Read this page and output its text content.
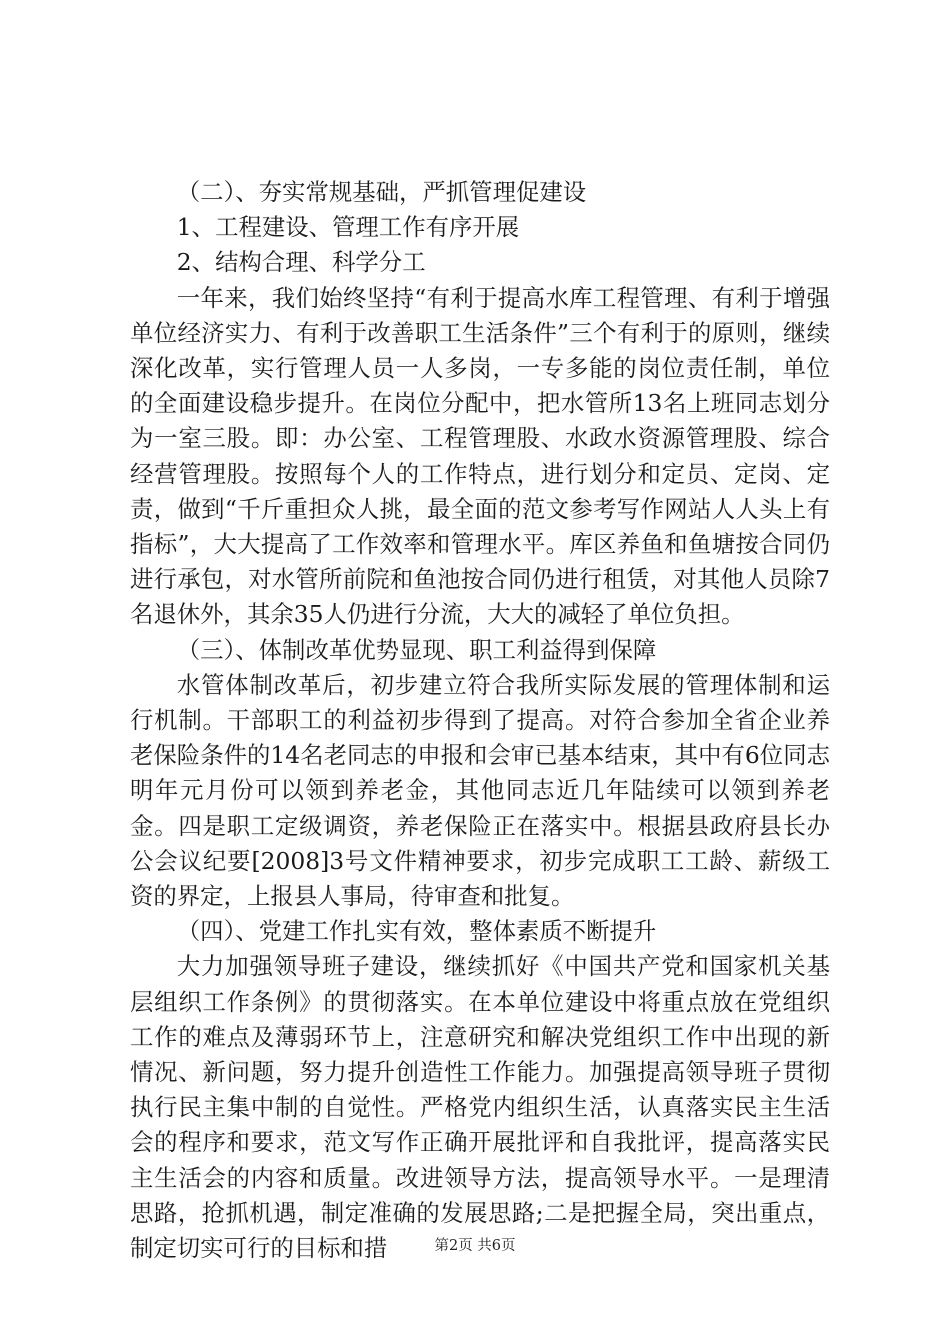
（二）、夯实常规基础，严抓管理促建设

1、工程建设、管理工作有序开展

2、结构合理、科学分工

一年来，我们始终坚持“有利于提高水库工程管理、有利于增强单位经济实力、有利于改善职工生活条件”三个有利于的原则，继续深化改革，实行管理人员一人多岗，一专多能的岗位责任制，单位的全面建设稳步提升。在岗位分配中，把水管所13名上班同志划分为一室三股。即：办公室、工程管理股、水政水资源管理股、综合经营管理股。按照每个人的工作特点，进行划分和定员、定岗、定责，做到“千斤重担众人挑，最全面的范文参考写作网站人人头上有指标”，大大提高了工作效率和管理水平。库区养鱼和鱼塘按合同仍进行承包，对水管所前院和鱼池按合同仍进行租赁，对其他人员除7名退休外，其余35人仍进行分流，大大的减轻了单位负担。

（三）、体制改革优势显现、职工利益得到保障

水管体制改革后，初步建立符合我所实际发展的管理体制和运行机制。干部职工的利益初步得到了提高。对符合参加全省企业养老保险条件的14名老同志的申报和会审已基本结束，其中有6位同志明年元月份可以领到养老金，其他同志近几年陆续可以领到养老金。四是职工定级调资，养老保险正在落实中。根据县政府县长办公会议纪要[2008]3号文件精神要求，初步完成职工工龄、薪级工资的界定，上报县人事局，待审查和批复。

（四）、党建工作扎实有效，整体素质不断提升

大力加强领导班子建设，继续抓好《中国共产党和国家机关基层组织工作条例》的贯彻落实。在本单位建设中将重点放在党组织工作的难点及薄弱环节上，注意研究和解决党组织工作中出现的新情况、新问题，努力提升创造性工作能力。加强提高领导班子贯彻执行民主集中制的自觉性。严格党内组织生活，认真落实民主生活会的程序和要求，范文写作正确开展批评和自我批评，提高落实民主生活会的内容和质量。改进领导方法，提高领导水平。一是理清思路，抢抓机遇，制定准确的发展思路;二是把握全局，突出重点，制定切实可行的目标和措	第2页 共6页
